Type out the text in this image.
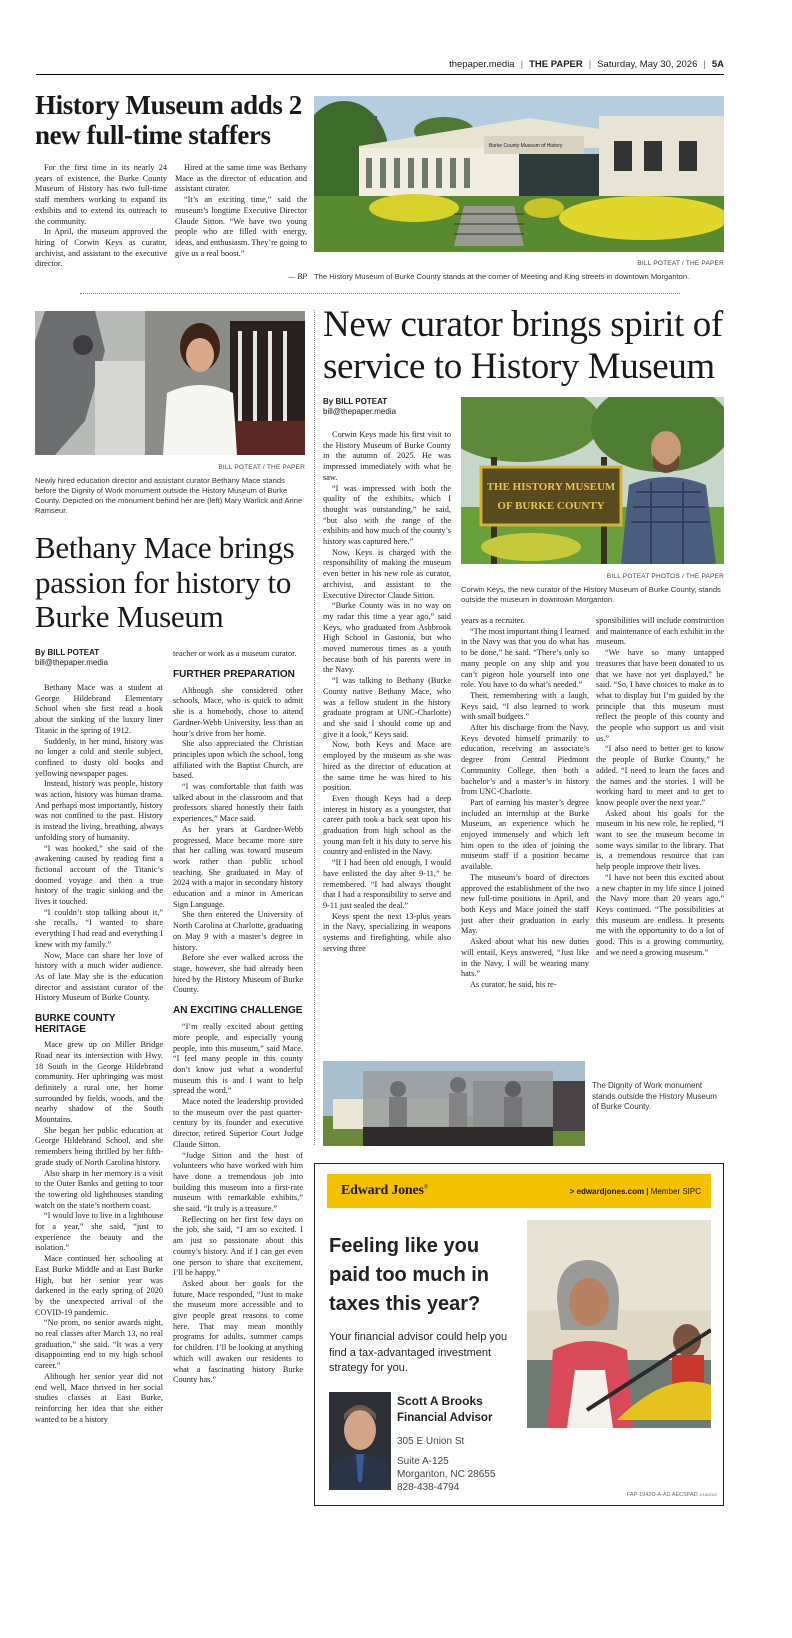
thepaper.media | THE PAPER | Saturday, May 30, 2026 | 5A
History Museum adds 2 new full-time staffers

For the first time in its nearly 24 years of existence, the Burke County Museum of History has two full-time staff members working to expand its exhibits and to extend its outreach to the community.

In April, the museum approved the hiring of Corwin Keys as curator, archivist, and assistant to the executive director.

Hired at the same time was Bethany Mace as the director of education and assistant curator.

“It’s an exciting time,” said the museum’s longtime Executive Director Claude Sitton. “We have two young people who are filled with energy, ideas, and enthusiasm. They’re going to give us a real boost.”

— BP
Burke County Museum of History
BILL POTEAT / THE PAPER
The History Museum of Burke County stands at the corner of Meeting and King streets in downtown Morganton.
BILL POTEAT / THE PAPER
Newly hired education director and assistant curator Bethany Mace stands before the Dignity of Work monument outside the History Museum of Burke County. Depicted on the monument behind her are (left) Mary Warlick and Anne Ramseur.
Bethany Mace brings passion for history to Burke Museum
By BILL POTEAT
bill@thepaper.media

Bethany Mace was a student at George Hildebrand Elementary School when she first read a book about the sinking of the luxury liner Titanic in the spring of 1912.

Suddenly, in her mind, history was no longer a cold and sterile subject, confined to dusty old books and yellowing newspaper pages.

Instead, history was people, history was action, history was human drama. And perhaps most importantly, history was not confined to the past. History is instead the living, breathing, always unfolding story of humanity.

“I was hooked,” she said of the awakening caused by reading first a fictional account of the Titanic’s doomed voyage and then a true history of the tragic sinking and the lives it touched.

“I couldn’t stop talking about it,” she recalls. “I wanted to share everything I had read and everything I knew with my family.”

Now, Mace can share her love of history with a much wider audience. As of late May she is the education director and assistant curator of the History Museum of Burke County.

BURKE COUNTY HERITAGE

Mace grew up on Miller Bridge Road near its intersection with Hwy. 18 South in the George Hildebrand community. Her upbringing was most definitely a rural one, her home surrounded by fields, woods, and the nearby shadow of the South Mountains.

She began her public education at George Hildebrand School, and she remembers being thrilled by her fifth-grade study of North Carolina history.

Also sharp in her memory is a visit to the Outer Banks and getting to tour the towering old lighthouses standing watch on the state’s northern coast.

“I would love to live in a lighthouse for a year,” she said, “just to experience the beauty and the isolation.”

Mace continued her schooling at East Burke Middle and at East Burke High, but her senior year was darkened in the early spring of 2020 by the unexpected arrival of the COVID-19 pandemic.

“No prom, no senior awards night, no real classes after March 13, no real graduation,” she said. “It was a very disappointing end to my high school career.”

Although her senior year did not end well, Mace thrived in her social studies classes at East Burke, reinforcing her idea that she either wanted to be a history

teacher or work as a museum curator.
FURTHER PREPARATION

Although she considered other schools, Mace, who is quick to admit she is a homebody, chose to attend Gardner-Webb University, less than an hour’s drive from her home.

She also appreciated the Christian principles upon which the school, long affiliated with the Baptist Church, are based.

“I was comfortable that faith was talked about in the classroom and that professors shared honestly their faith experiences,” Mace said.

As her years at Gardner-Webb progressed, Mace became more sure that her calling was toward museum work rather than public school teaching. She graduated in May of 2024 with a major in secondary history education and a minor in American Sign Language.

She then entered the University of North Carolina at Charlotte, graduating on May 9 with a master’s degree in history.

Before she ever walked across the stage, however, she had already been hired by the History Museum of Burke County.

AN EXCITING CHALLENGE

“I’m really excited about getting more people, and especially young people, into this museum,” said Mace. “I feel many people in this county don’t know just what a wonderful museum this is and I want to help spread the word.”

Mace noted the leadership provided to the museum over the past quarter-century by its founder and executive director, retired Superior Court Judge Claude Sitton.

“Judge Sitton and the host of volunteers who have worked with him have done a tremendous job into building this museum into a first-rate museum with remarkable exhibits,” she said. “It truly is a treasure.”

Reflecting on her first few days on the job, she said, “I am so excited. I am just so passionate about this county’s history. And if I can get even one person to share that excitement, I’ll be happy.”

Asked about her goals for the future, Mace responded, “Just to make the museum more accessible and to give people great reasons to come here. That may mean monthly programs for adults, summer camps for children. I’ll be looking at anything which will awaken our residents to what a fascinating history Burke County has.”

New curator brings spirit of service to History Museum
By BILL POTEAT
bill@thepaper.media

Corwin Keys made his first visit to the History Museum of Burke County in the autumn of 2025. He was impressed immediately with what he saw.

“I was impressed with both the quality of the exhibits, which I thought was outstanding,” he said, “but also with the range of the exhibits and how much of the county’s history was captured here.”

Now, Keys is charged with the responsibility of making the museum even better in his new role as curator, archivist, and assistant to the Executive Director Claude Sitton.

“Burke County was in no way on my radar this time a year ago,” said Keys, who graduated from Ashbrook High School in Gastonia, but who moved numerous times as a youth because both of his parents were in the Navy.

“I was talking to Bethany (Burke County native Bethany Mace, who was a fellow student in the history graduate program at UNC-Charlotte) and she said I should come up and give it a look,” Keys said.

Now, both Keys and Mace are employed by the museum as she was hired as the director of education at the same time he was hired to his position.

Even though Keys had a deep interest in history as a youngster, that career path took a back seat upon his graduation from high school as the young man felt it his duty to serve his country and enlisted in the Navy.

“If I had been old enough, I would have enlisted the day after 9-11,” he remembered. “I had always thought that I had a responsibility to serve and 9-11 just sealed the deal.”

Keys spent the next 13-plus years in the Navy, specializing in weapons systems and firefighting, while also serving three

THE HISTORY MUSEUM
OF BURKE COUNTY
BILL POTEAT PHOTOS / THE PAPER
Corwin Keys, the new curator of the History Museum of Burke County, stands outside the museum in downtown Morganton.
years as a recruiter.

“The most important thing I learned in the Navy was that you do what has to be done,” he said. “There’s only so many people on any ship and you can’t pigeon hole yourself into one role. You have to do what’s needed.”

Then, remembering with a laugh, Keys said, “I also learned to work with small budgets.”

After his discharge from the Navy, Keys devoted himself primarily to education, receiving an associate’s degree from Central Piedmont Community College, then both a bachelor’s and a master’s in history from UNC-Charlotte.

Part of earning his master’s degree included an internship at the Burke Museum, an experience which he enjoyed immensely and which left him open to the idea of joining the museum staff if a position became available.

The museum’s board of directors approved the establishment of the two new full-time positions in April, and both Keys and Mace joined the staff just after their graduation in early May.

Asked about what his new duties will entail, Keys answered, “Just like in the Navy, I will be wearing many hats.”

As curator, he said, his re-

sponsibilities will include construction and maintenance of each exhibit in the museum.

“We have so many untapped treasures that have been donated to us that we have not yet displayed,” he said. “So, I have choices to make as to what to display but I’m guided by the principle that this museum must reflect the people of this county and the people who support us and visit us.”

“I also need to better get to know the people of Burke County,” he added. “I need to learn the faces and the names and the stories. I will be working hard to meet and to get to know people over the next year.”

Asked about his goals for the museum in his new role, he replied, “I want to see the museum become in some ways similar to the library. That is, a tremendous resource that can help people improve their lives.

“I have not been this excited about a new chapter in my life since I joined the Navy more than 20 years ago,” Keys continued. “The possibilities at this museum are endless. It presents me with the opportunity to do a lot of good. This is a growing community, and we need a growing museum.”

The Dignity of Work monument stands outside the History Museum of Burke County.
Edward Jones®	> edwardjones.com | Member SIPC
Feeling like you paid too much in taxes this year?
Your financial advisor could help you find a tax-advantaged investment strategy for you.
Scott A Brooks
Financial Advisor
305 E Union St
Suite A-125
Morganton, NC 28655
828-438-4794
FAP-1942O-A-AD AECSPAD 2/18/2022
